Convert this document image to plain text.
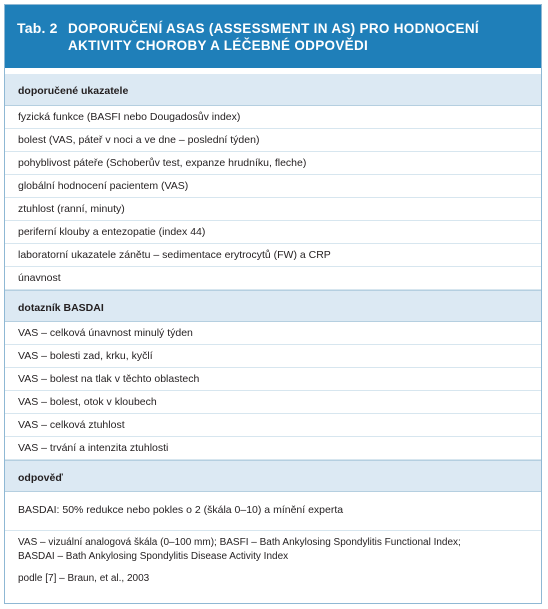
Tab. 2 DOPORUČENÍ ASAS (ASSESSMENT IN AS) PRO HODNOCENÍ AKTIVITY CHOROBY A LÉČEBNÉ ODPOVĚDI
doporučené ukazatele
fyzická funkce (BASFI nebo Dougadosův index)
bolest (VAS, páteř v noci a ve dne – poslední týden)
pohyblivost páteře (Schoberův test, expanze hrudníku, fleche)
globální hodnocení pacientem (VAS)
ztuhlost (ranní, minuty)
periferní klouby a entezopatie (index 44)
laboratorní ukazatele zánětu – sedimentace erytrocytů (FW) a CRP
únavnost
dotazník BASDAI
VAS – celková únavnost minulý týden
VAS – bolesti zad, krku, kyčlí
VAS – bolest na tlak v těchto oblastech
VAS – bolest, otok v kloubech
VAS – celková ztuhlost
VAS – trvání a intenzita ztuhlosti
odpověď
BASDAI: 50% redukce nebo pokles o 2 (škála 0–10) a mínění experta

VAS – vizuální analogová škála (0–100 mm); BASFI – Bath Ankylosing Spondylitis Functional Index;

BASDAI – Bath Ankylosing Spondylitis Disease Activity Index

podle [7] – Braun, et al., 2003
